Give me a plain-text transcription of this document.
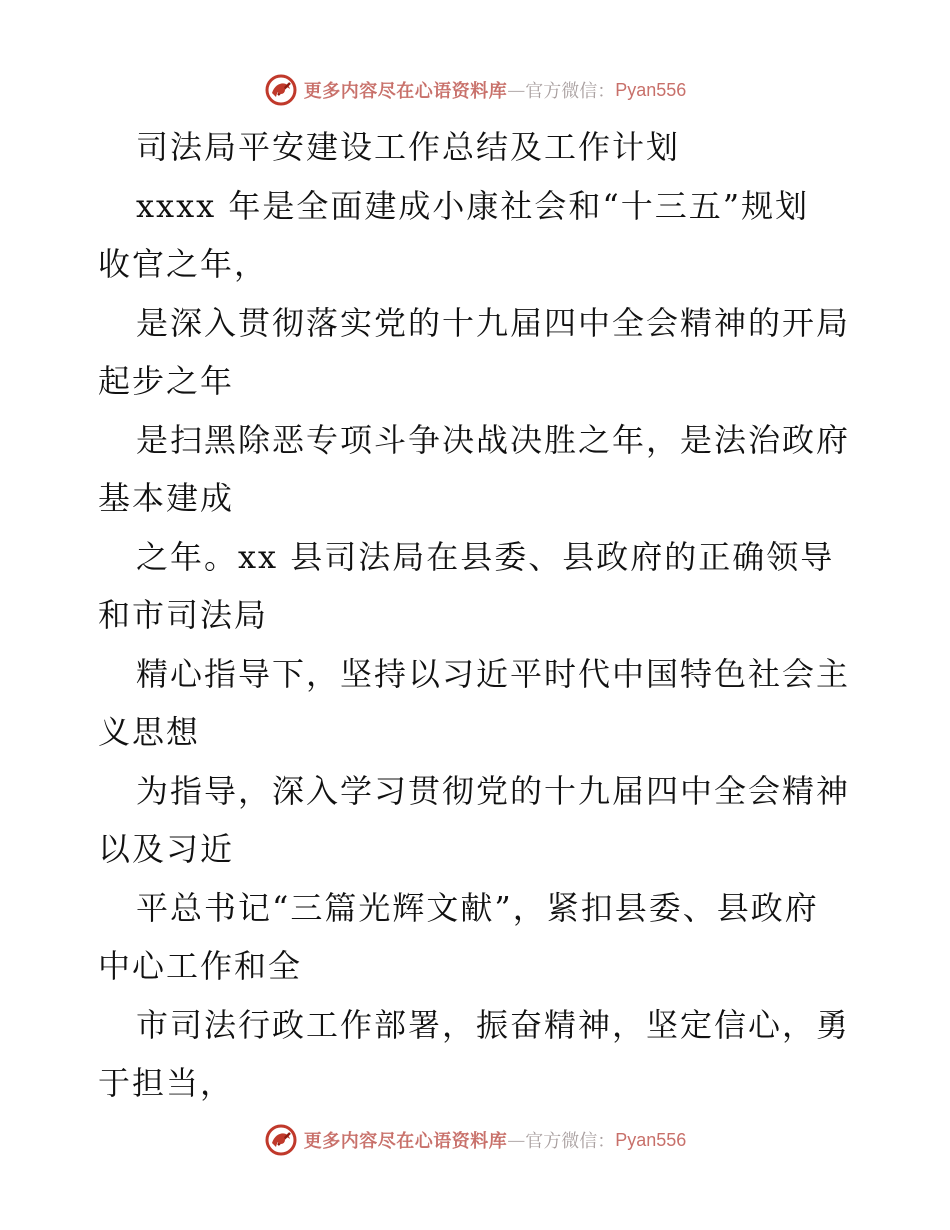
更多内容尽在心语资料库 — 官方微信： Pyan556
司法局平安建设工作总结及工作计划
xxxx 年是全面建成小康社会和“十三五”规划
收官之年，
是深入贯彻落实党的十九届四中全会精神的开局
起步之年
是扫黑除恶专项斗争决战决胜之年，是法治政府
基本建成
之年。xx 县司法局在县委、县政府的正确领导
和市司法局
精心指导下，坚持以习近平时代中国特色社会主
义思想
为指导，深入学习贯彻党的十九届四中全会精神
以及习近
平总书记“三篇光辉文献”，紧扣县委、县政府
中心工作和全
市司法行政工作部署，振奋精神，坚定信心，勇
于担当，
更多内容尽在心语资料库 — 官方微信： Pyan556
